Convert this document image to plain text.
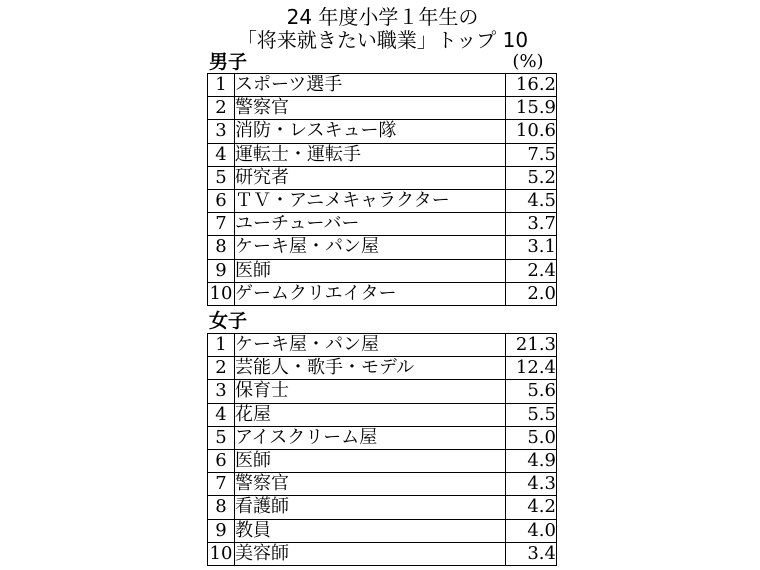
24 年度小学１年生の
「将来就きたい職業」トップ 10
男子	(%)
1	スポーツ選手	16.2
2	警察官	15.9
3	消防・レスキュー隊	10.6
4	運転士・運転手	7.5
5	研究者	5.2
6	ＴＶ・アニメキャラクター	4.5
7	ユーチューバー	3.7
8	ケーキ屋・パン屋	3.1
9	医師	2.4
10	ゲームクリエイター	2.0
女子
1	ケーキ屋・パン屋	21.3
2	芸能人・歌手・モデル	12.4
3	保育士	5.6
4	花屋	5.5
5	アイスクリーム屋	5.0
6	医師	4.9
7	警察官	4.3
8	看護師	4.2
9	教員	4.0
10	美容師	3.4
